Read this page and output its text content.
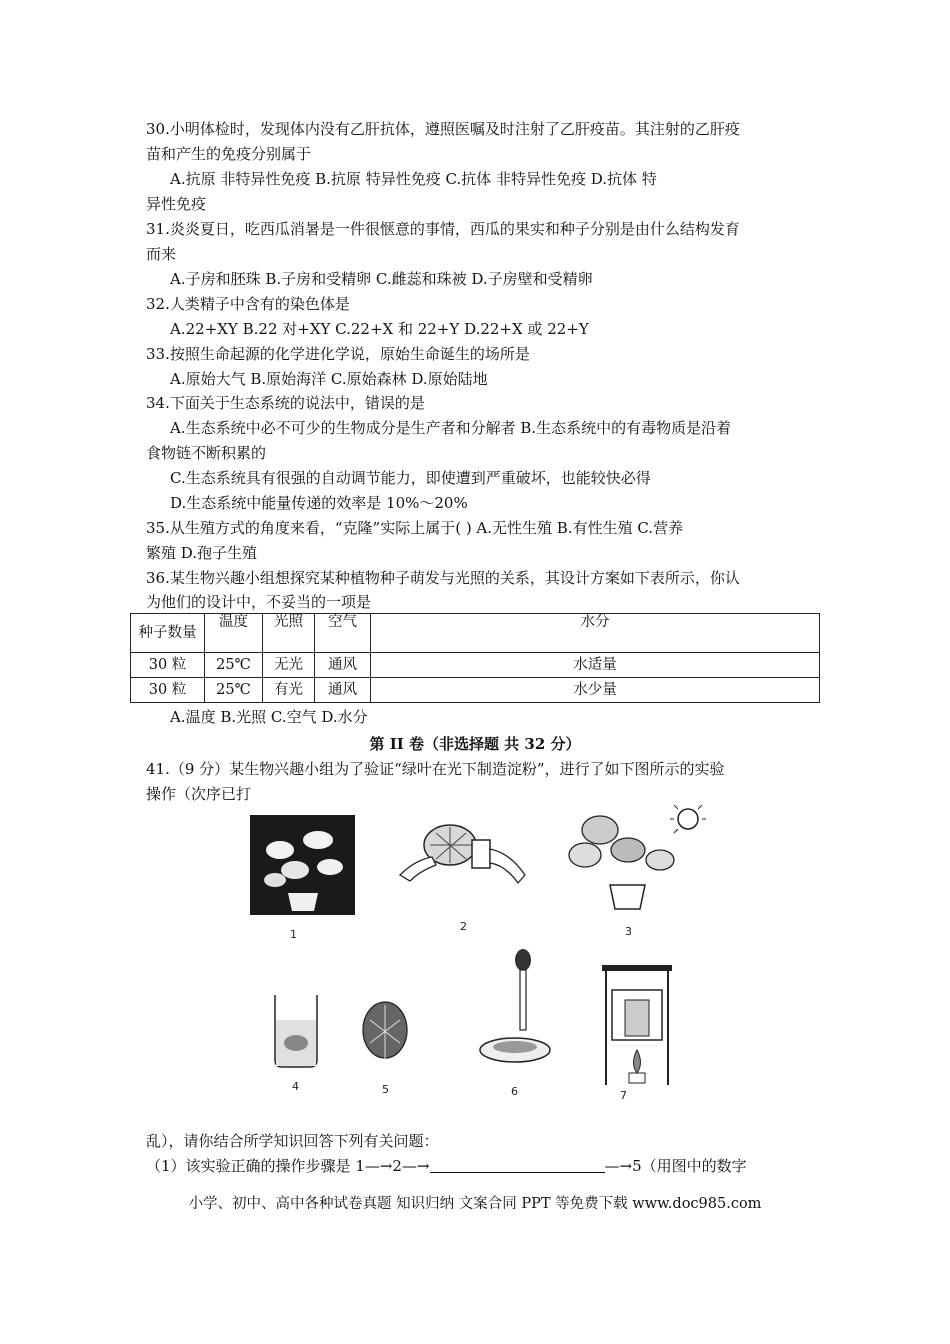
30.小明体检时，发现体内没有乙肝抗体，遵照医嘱及时注射了乙肝疫苗。其注射的乙肝疫
苗和产生的免疫分别属于
A.抗原 非特异性免疫 B.抗原 特异性免疫 C.抗体 非特异性免疫 D.抗体 特
异性免疫
31.炎炎夏日，吃西瓜消暑是一件很惬意的事情，西瓜的果实和种子分别是由什么结构发育
而来
A.子房和胚珠 B.子房和受精卵 C.雌蕊和珠被 D.子房壁和受精卵
32.人类精子中含有的染色体是
A.22+XY B.22 对+XY C.22+X 和 22+Y D.22+X 或 22+Y
33.按照生命起源的化学进化学说，原始生命诞生的场所是
A.原始大气 B.原始海洋 C.原始森林 D.原始陆地
34.下面关于生态系统的说法中，错误的是
A.生态系统中必不可少的生物成分是生产者和分解者 B.生态系统中的有毒物质是沿着
食物链不断积累的
C.生态系统具有很强的自动调节能力，即使遭到严重破坏，也能较快必得
D.生态系统中能量传递的效率是 10%～20%
35.从生殖方式的角度来看，“克隆”实际上属于( ) A.无性生殖 B.有性生殖 C.营养
繁殖 D.孢子生殖
36.某生物兴趣小组想探究某种植物种子萌发与光照的关系，其设计方案如下表所示，你认
为他们的设计中，不妥当的一项是
种子数量	温度	光照	空气	水分
30 粒	25℃	无光	通风	水适量
30 粒	25℃	有光	通风	水少量
A.温度 B.光照 C.空气 D.水分
第 II 卷（非选择题 共 32 分）
41.（9 分）某生物兴趣小组为了验证“绿叶在光下制造淀粉”，进行了如下图所示的实验
操作（次序已打
1
2	3
4	5	6	7
乱），请你结合所学知识回答下列有关问题：
（1）该实验正确的操作步骤是 1—→2—→	—→5（用图中的数字
小学、初中、高中各种试卷真题 知识归纳 文案合同 PPT 等免费下载 www.doc985.com
